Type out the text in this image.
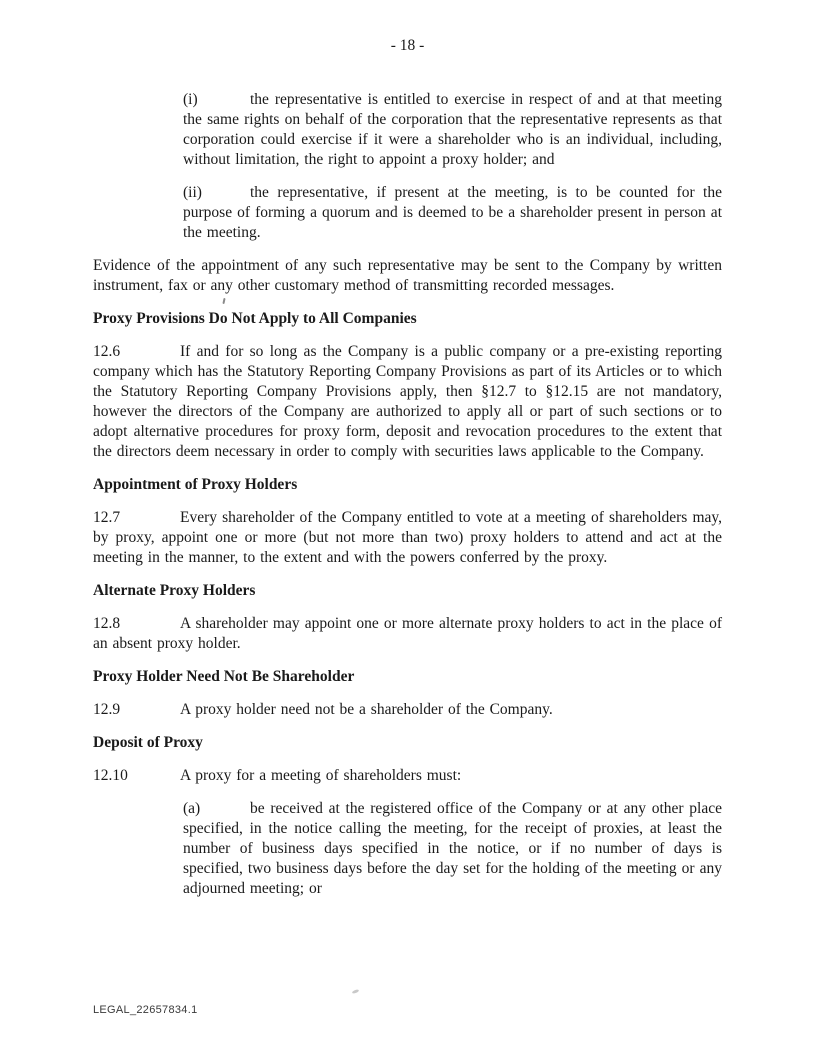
- 18 -
(i)	the representative is entitled to exercise in respect of and at that meeting the same rights on behalf of the corporation that the representative represents as that corporation could exercise if it were a shareholder who is an individual, including, without limitation, the right to appoint a proxy holder; and
(ii)	the representative, if present at the meeting, is to be counted for the purpose of forming a quorum and is deemed to be a shareholder present in person at the meeting.
Evidence of the appointment of any such representative may be sent to the Company by written instrument, fax or any other customary method of transmitting recorded messages.
Proxy Provisions Do Not Apply to All Companies
12.6	If and for so long as the Company is a public company or a pre-existing reporting company which has the Statutory Reporting Company Provisions as part of its Articles or to which the Statutory Reporting Company Provisions apply, then §12.7 to §12.15 are not mandatory, however the directors of the Company are authorized to apply all or part of such sections or to adopt alternative procedures for proxy form, deposit and revocation procedures to the extent that the directors deem necessary in order to comply with securities laws applicable to the Company.
Appointment of Proxy Holders
12.7	Every shareholder of the Company entitled to vote at a meeting of shareholders may, by proxy, appoint one or more (but not more than two) proxy holders to attend and act at the meeting in the manner, to the extent and with the powers conferred by the proxy.
Alternate Proxy Holders
12.8	A shareholder may appoint one or more alternate proxy holders to act in the place of an absent proxy holder.
Proxy Holder Need Not Be Shareholder
12.9	A proxy holder need not be a shareholder of the Company.
Deposit of Proxy
12.10	A proxy for a meeting of shareholders must:
(a)	be received at the registered office of the Company or at any other place specified, in the notice calling the meeting, for the receipt of proxies, at least the number of business days specified in the notice, or if no number of days is specified, two business days before the day set for the holding of the meeting or any adjourned meeting; or
LEGAL_22657834.1
